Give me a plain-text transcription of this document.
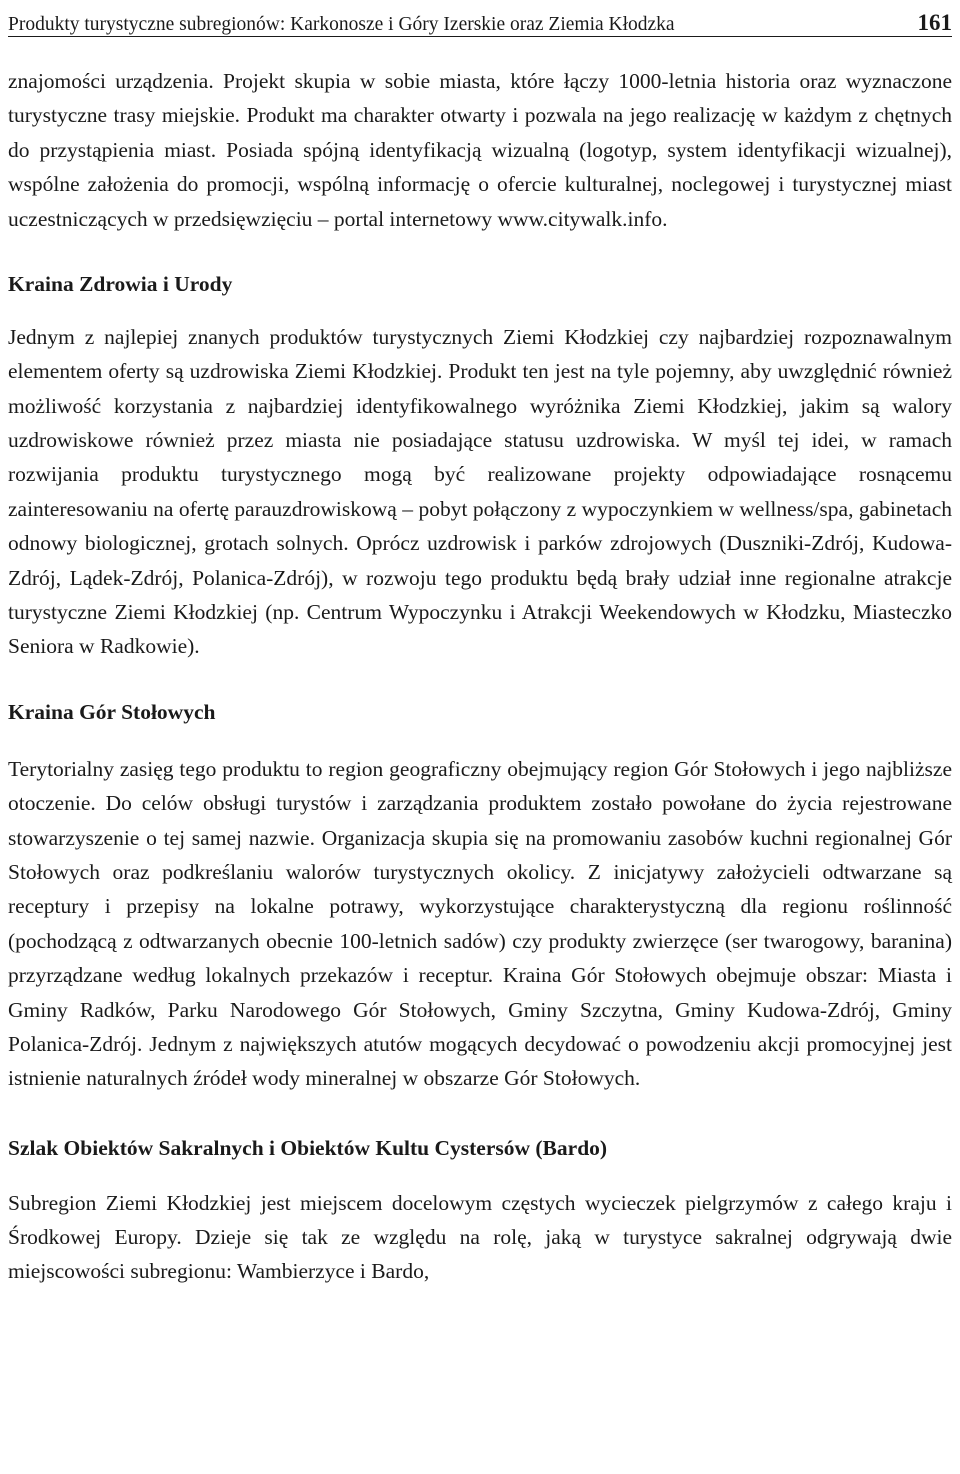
Produkty turystyczne subregionów: Karkonosze i Góry Izerskie oraz Ziemia Kłodzka	161

znajomości urządzenia. Projekt skupia w sobie miasta, które łączy 1000-letnia historia oraz wyznaczone turystyczne trasy miejskie. Produkt ma charakter otwarty i pozwala na jego realizację w każdym z chętnych do przystąpienia miast. Posiada spójną identyfikacją wizualną (logotyp, system identyfikacji wizualnej), wspólne założenia do promocji, wspólną informację o ofercie kulturalnej, noclegowej i turystycznej miast uczestniczących w przedsięwzięciu – portal internetowy www.citywalk.info.

Kraina Zdrowia i Urody

Jednym z najlepiej znanych produktów turystycznych Ziemi Kłodzkiej czy najbardziej rozpoznawalnym elementem oferty są uzdrowiska Ziemi Kłodzkiej. Produkt ten jest na tyle pojemny, aby uwzględnić również możliwość korzystania z najbardziej identyfikowalnego wyróżnika Ziemi Kłodzkiej, jakim są walory uzdrowiskowe również przez miasta nie posiadające statusu uzdrowiska. W myśl tej idei, w ramach rozwijania produktu turystycznego mogą być realizowane projekty odpowiadające rosnącemu zainteresowaniu na ofertę parauzdrowiskową – pobyt połączony z wypoczynkiem w wellness/spa, gabinetach odnowy biologicznej, grotach solnych. Oprócz uzdrowisk i parków zdrojowych (Duszniki-Zdrój, Kudowa-Zdrój, Lądek-Zdrój, Polanica-Zdrój), w rozwoju tego produktu będą brały udział inne regionalne atrakcje turystyczne Ziemi Kłodzkiej (np. Centrum Wypoczynku i Atrakcji Weekendowych w Kłodzku, Miasteczko Seniora w Radkowie).

Kraina Gór Stołowych

Terytorialny zasięg tego produktu to region geograficzny obejmujący region Gór Stołowych i jego najbliższe otoczenie. Do celów obsługi turystów i zarządzania produktem zostało powołane do życia rejestrowane stowarzyszenie o tej samej nazwie. Organizacja skupia się na promowaniu zasobów kuchni regionalnej Gór Stołowych oraz podkreślaniu walorów turystycznych okolicy. Z inicjatywy założycieli odtwarzane są receptury i przepisy na lokalne potrawy, wykorzystujące charakterystyczną dla regionu roślinność (pochodzącą z odtwarzanych obecnie 100-letnich sadów) czy produkty zwierzęce (ser twarogowy, baranina) przyrządzane według lokalnych przekazów i receptur. Kraina Gór Stołowych obejmuje obszar: Miasta i Gminy Radków, Parku Narodowego Gór Stołowych, Gminy Szczytna, Gminy Kudowa-Zdrój, Gminy Polanica-Zdrój. Jednym z największych atutów mogących decydować o powodzeniu akcji promocyjnej jest istnienie naturalnych źródeł wody mineralnej w obszarze Gór Stołowych.

Szlak Obiektów Sakralnych i Obiektów Kultu Cystersów (Bardo)

Subregion Ziemi Kłodzkiej jest miejscem docelowym częstych wycieczek pielgrzymów z całego kraju i Środkowej Europy. Dzieje się tak ze względu na rolę, jaką w turystyce sakralnej odgrywają dwie miejscowości subregionu: Wambierzyce i Bardo,
